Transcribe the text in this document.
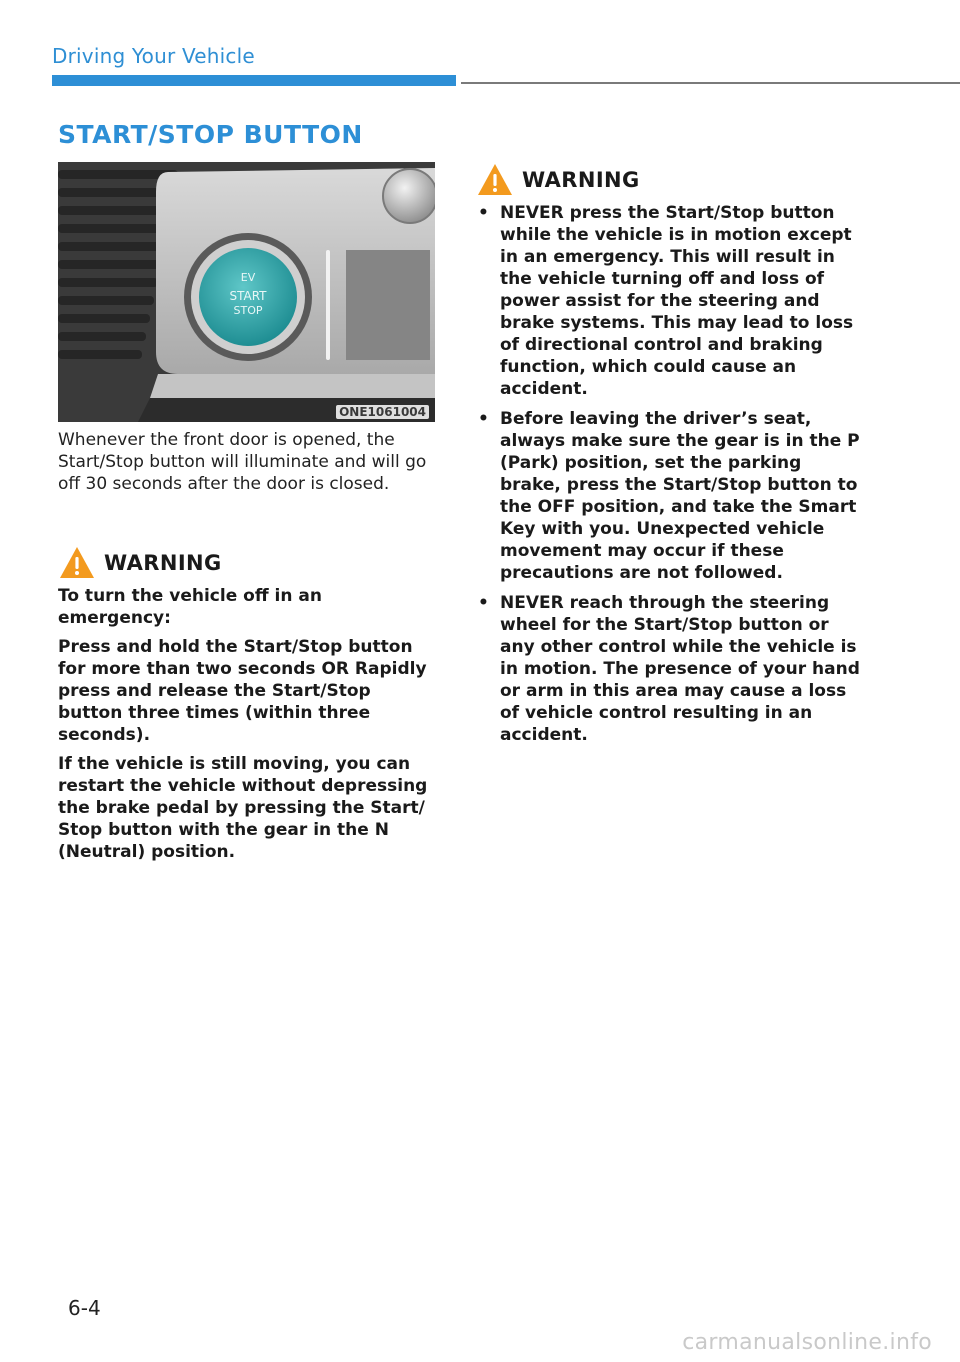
Driving Your Vehicle
START/STOP BUTTON
EV
START
STOP
ONE1061004
Whenever the front door is opened, the Start/Stop button will illuminate and will go off 30 seconds after the door is closed.
WARNING

To turn the vehicle off in an emergency:

Press and hold the Start/Stop button for more than two seconds OR Rapidly press and release the Start/Stop button three times (within three seconds).

If the vehicle is still moving, you can restart the vehicle without depressing the brake pedal by pressing the Start/ Stop button with the gear in the N (Neutral) position.

WARNING
• NEVER press the Start/Stop button while the vehicle is in motion except in an emergency. This will result in the vehicle turning off and loss of power assist for the steering and brake systems. This may lead to loss of directional control and braking function, which could cause an accident.
• Before leaving the driver’s seat, always make sure the gear is in the P (Park) position, set the parking brake, press the Start/Stop button to the OFF position, and take the Smart Key with you. Unexpected vehicle movement may occur if these precautions are not followed.
• NEVER reach through the steering wheel for the Start/Stop button or any other control while the vehicle is in motion. The presence of your hand or arm in this area may cause a loss of vehicle control resulting in an accident.
6-4
carmanualsonline.info
